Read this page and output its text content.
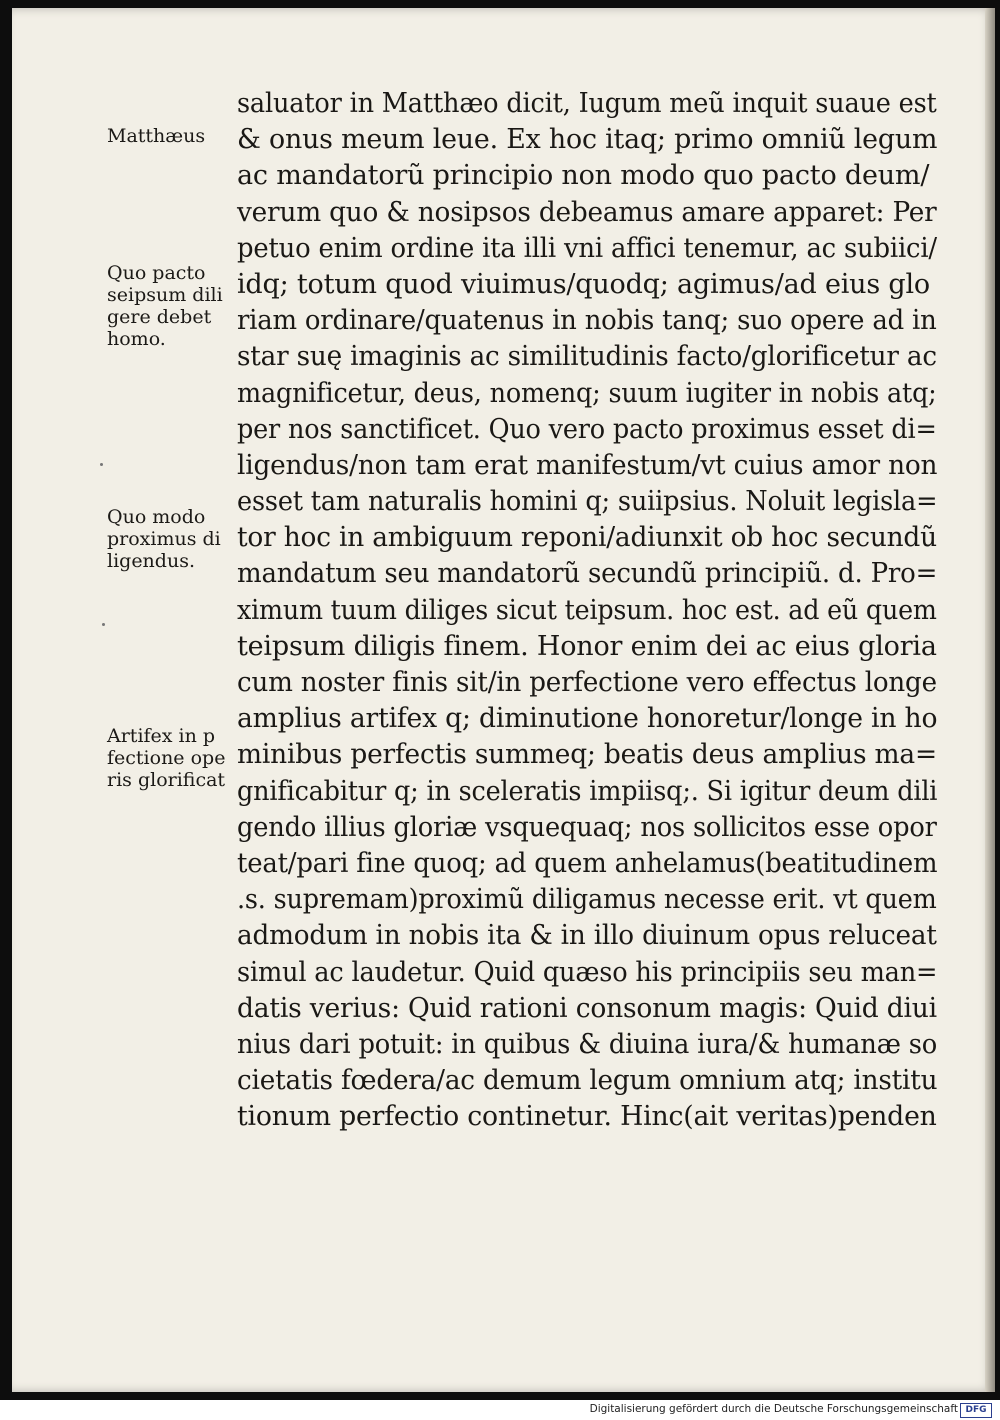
Matthæus
Quo pacto
seipsum dili
gere debet
homo.
Quo modo
proximus di
ligendus.
Artifex in p
fectione ope
ris glorificat
saluator in Matthæo dicit, Iugum meũ inquit suaue est
& onus meum leue. Ex hoc itaq; primo omniũ legum
ac mandatorũ principio non modo quo pacto deum/
verum quo & nosipsos debeamus amare apparet: Per
petuo enim ordine ita illi vni affici tenemur, ac subiici/
idq; totum quod viuimus/quodq; agimus/ad eius glo
riam ordinare/quatenus in nobis tanq; suo opere ad in
star suę imaginis ac similitudinis facto/glorificetur ac
magnificetur, deus, nomenq; suum iugiter in nobis atq;
per nos sanctificet. Quo vero pacto proximus esset di=
ligendus/non tam erat manifestum/vt cuius amor non
esset tam naturalis homini q; suiipsius. Noluit legisla=
tor hoc in ambiguum reponi/adiunxit ob hoc secundũ
mandatum seu mandatorũ secundũ principiũ. d. Pro=
ximum tuum diliges sicut teipsum. hoc est. ad eũ quem
teipsum diligis finem. Honor enim dei ac eius gloria
cum noster finis sit/in perfectione vero effectus longe
amplius artifex q; diminutione honoretur/longe in ho
minibus perfectis summeq; beatis deus amplius ma=
gnificabitur q; in sceleratis impiisq;. Si igitur deum dili
gendo illius gloriæ vsquequaq; nos sollicitos esse opor
teat/pari fine quoq; ad quem anhelamus(beatitudinem
.s. supremam)proximũ diligamus necesse erit. vt quem
admodum in nobis ita & in illo diuinum opus reluceat
simul ac laudetur. Quid quæso his principiis seu man=
datis verius: Quid rationi consonum magis: Quid diui
nius dari potuit: in quibus & diuina iura/& humanæ so
cietatis fœdera/ac demum legum omnium atq; institu
tionum perfectio continetur. Hinc(ait veritas)penden
Digitalisierung gefördert durch die Deutsche Forschungsgemeinschaft DFG
